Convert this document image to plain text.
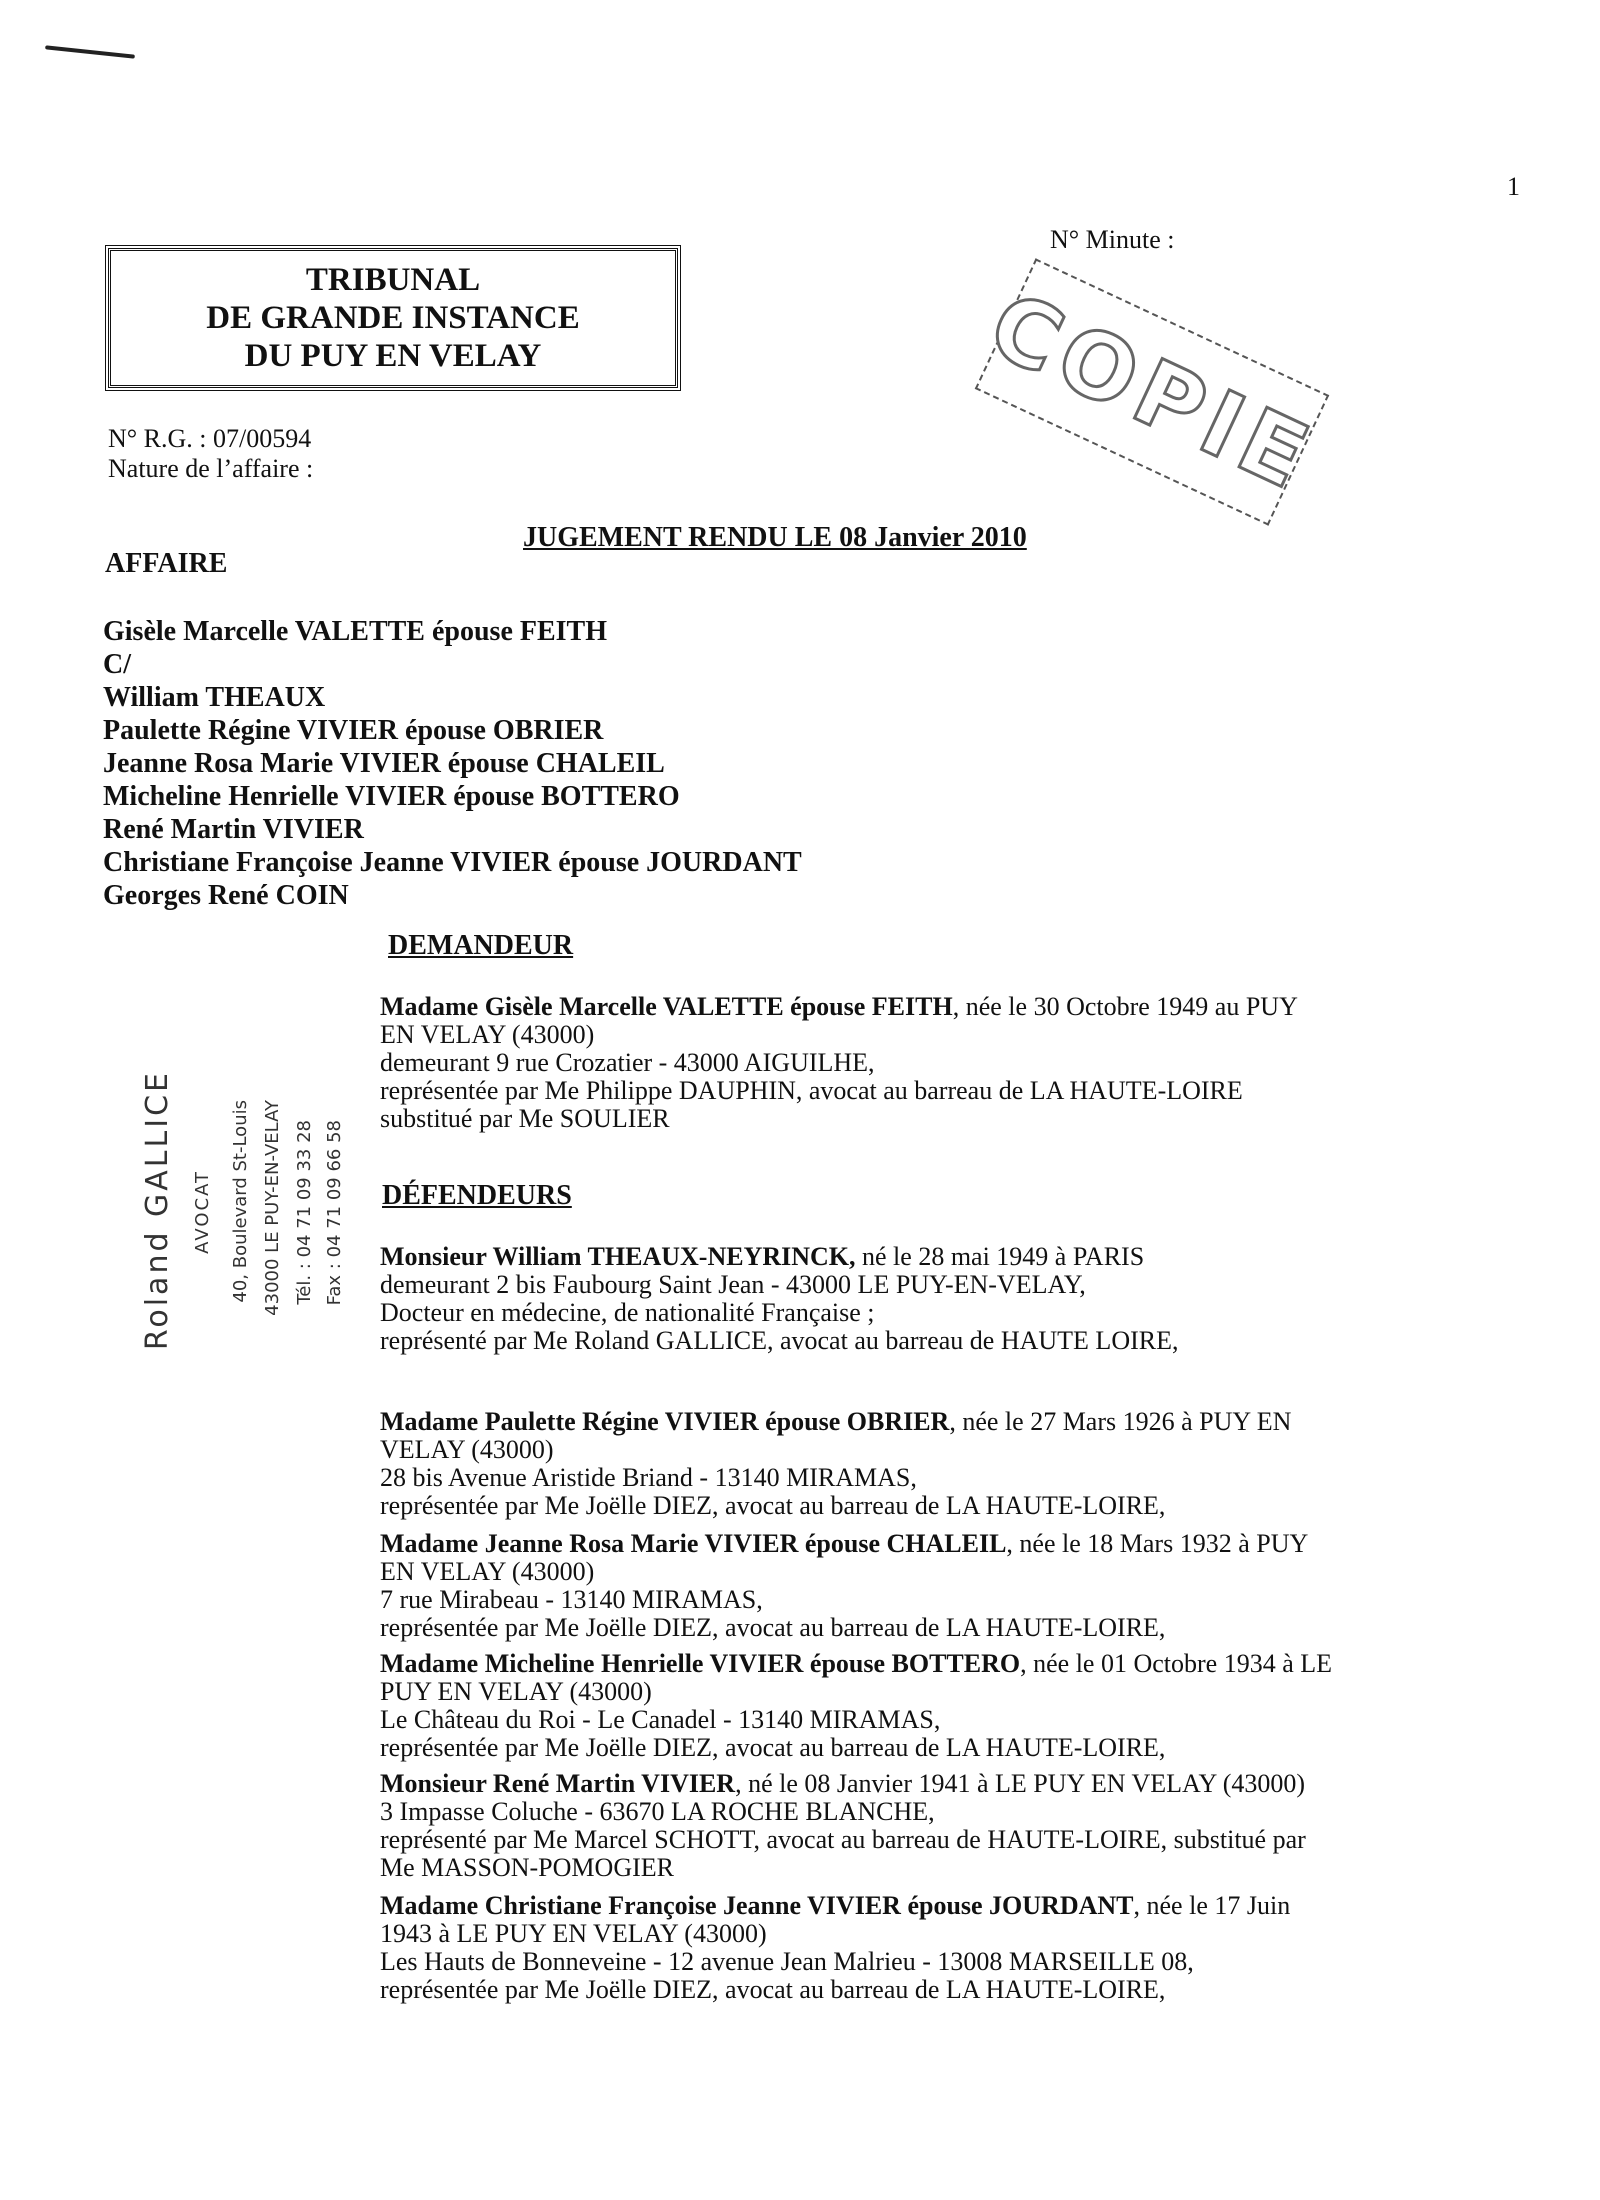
1
N° Minute :
TRIBUNAL
DE GRANDE INSTANCE
DU PUY EN VELAY
N° R.G. : 07/00594
Nature de l’affaire :	COPIE
JUGEMENT RENDU LE 08 Janvier 2010
AFFAIRE
Gisèle Marcelle VALETTE épouse FEITH
C/
William THEAUX
Paulette Régine VIVIER épouse OBRIER
Jeanne Rosa Marie VIVIER épouse CHALEIL
Micheline Henrielle VIVIER épouse BOTTERO
René Martin VIVIER
Christiane Françoise Jeanne VIVIER épouse JOURDANT
Georges René COIN
DEMANDEUR
Madame Gisèle Marcelle VALETTE épouse FEITH, née le 30 Octobre 1949 au PUY
EN VELAY (43000)
demeurant 9 rue Crozatier - 43000 AIGUILHE,
représentée par Me Philippe DAUPHIN, avocat au barreau de LA HAUTE-LOIRE
substitué par Me SOULIER
DÉFENDEURS
Monsieur William THEAUX-NEYRINCK, né le 28 mai 1949 à PARIS
demeurant 2 bis Faubourg Saint Jean - 43000 LE PUY-EN-VELAY,
Docteur en médecine, de nationalité Française ;
représenté par Me Roland GALLICE, avocat au barreau de HAUTE LOIRE,
Madame Paulette Régine VIVIER épouse OBRIER, née le 27 Mars 1926 à PUY EN
VELAY (43000)
28 bis Avenue Aristide Briand - 13140 MIRAMAS,
représentée par Me Joëlle DIEZ, avocat au barreau de LA HAUTE-LOIRE,
Madame Jeanne Rosa Marie VIVIER épouse CHALEIL, née le 18 Mars 1932 à PUY
EN VELAY (43000)
7 rue Mirabeau - 13140 MIRAMAS,
représentée par Me Joëlle DIEZ, avocat au barreau de LA HAUTE-LOIRE,
Madame Micheline Henrielle VIVIER épouse BOTTERO, née le 01 Octobre 1934 à LE
PUY EN VELAY (43000)
Le Château du Roi - Le Canadel - 13140 MIRAMAS,
représentée par Me Joëlle DIEZ, avocat au barreau de LA HAUTE-LOIRE,
Monsieur René Martin VIVIER, né le 08 Janvier 1941 à LE PUY EN VELAY (43000)
3 Impasse Coluche - 63670 LA ROCHE BLANCHE,
représenté par Me Marcel SCHOTT, avocat au barreau de HAUTE-LOIRE, substitué par
Me MASSON-POMOGIER
Madame Christiane Françoise Jeanne VIVIER épouse JOURDANT, née le 17 Juin
1943 à LE PUY EN VELAY (43000)
Les Hauts de Bonneveine - 12 avenue Jean Malrieu - 13008 MARSEILLE 08,
représentée par Me Joëlle DIEZ, avocat au barreau de LA HAUTE-LOIRE,
Roland GALLICE AVOCAT 40, Boulevard St-Louis 43000 LE PUY-EN-VELAY Tél. : 04 71 09 33 28 Fax : 04 71 09 66 58
